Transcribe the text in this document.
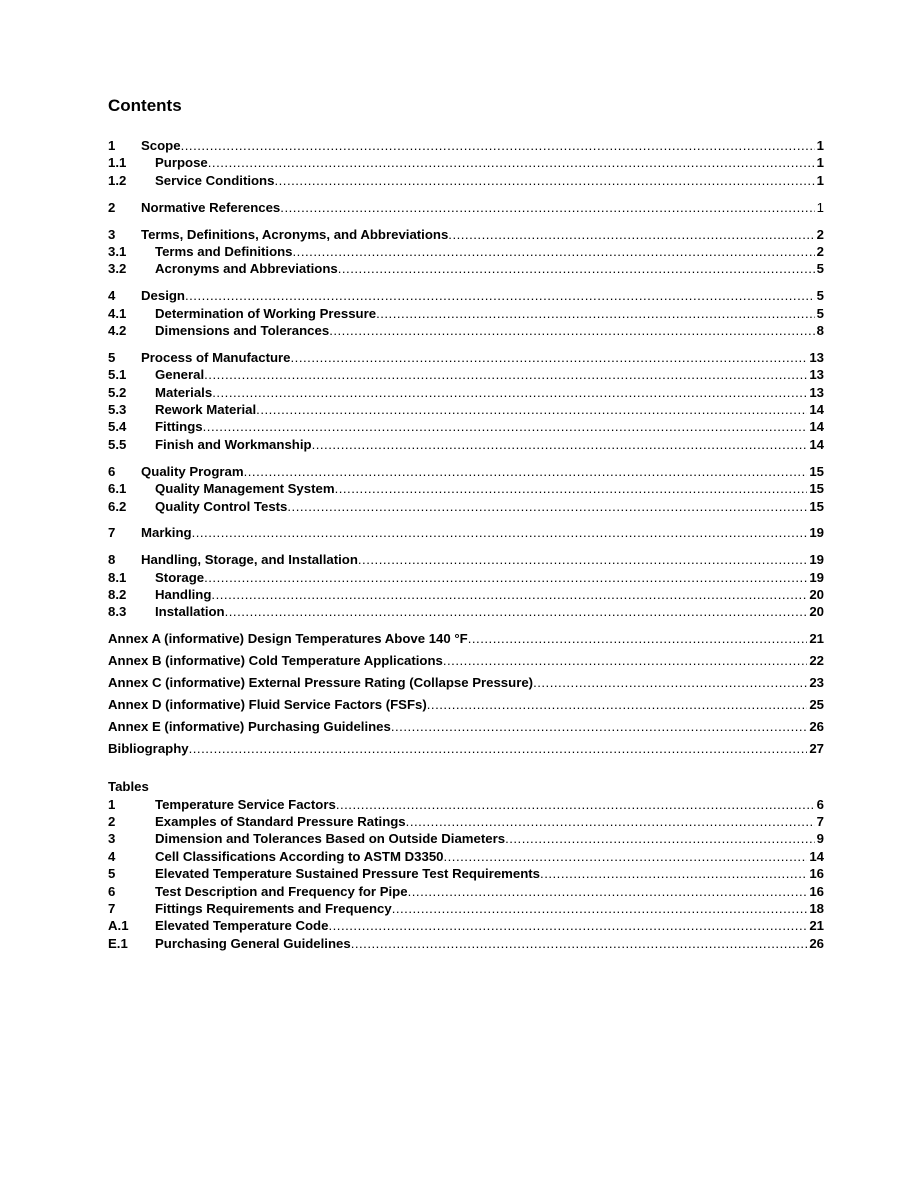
Contents
1	Scope .....	1
1.1	Purpose .....	1
1.2	Service Conditions .....	1
2	Normative References .....	1
3	Terms, Definitions, Acronyms, and Abbreviations .....	2
3.1	Terms and Definitions .....	2
3.2	Acronyms and Abbreviations .....	5
4	Design .....	5
4.1	Determination of Working Pressure .....	5
4.2	Dimensions and Tolerances .....	8
5	Process of Manufacture .....	13
5.1	General .....	13
5.2	Materials .....	13
5.3	Rework Material .....	14
5.4	Fittings .....	14
5.5	Finish and Workmanship .....	14
6	Quality Program .....	15
6.1	Quality Management System .....	15
6.2	Quality Control Tests .....	15
7	Marking .....	19
8	Handling, Storage, and Installation .....	19
8.1	Storage .....	19
8.2	Handling .....	20
8.3	Installation .....	20
Annex A (informative) Design Temperatures Above 140 °F .....	21
Annex B (informative) Cold Temperature Applications .....	22
Annex C (informative) External Pressure Rating (Collapse Pressure) .....	23
Annex D (informative) Fluid Service Factors (FSFs) .....	25
Annex E (informative) Purchasing Guidelines .....	26
Bibliography .....	27
Tables
1	Temperature Service Factors .....	6
2	Examples of Standard Pressure Ratings .....	7
3	Dimension and Tolerances Based on Outside Diameters .....	9
4	Cell Classifications According to ASTM D3350 .....	14
5	Elevated Temperature Sustained Pressure Test Requirements .....	16
6	Test Description and Frequency for Pipe .....	16
7	Fittings Requirements and Frequency .....	18
A.1	Elevated Temperature Code .....	21
E.1	Purchasing General Guidelines .....	26
